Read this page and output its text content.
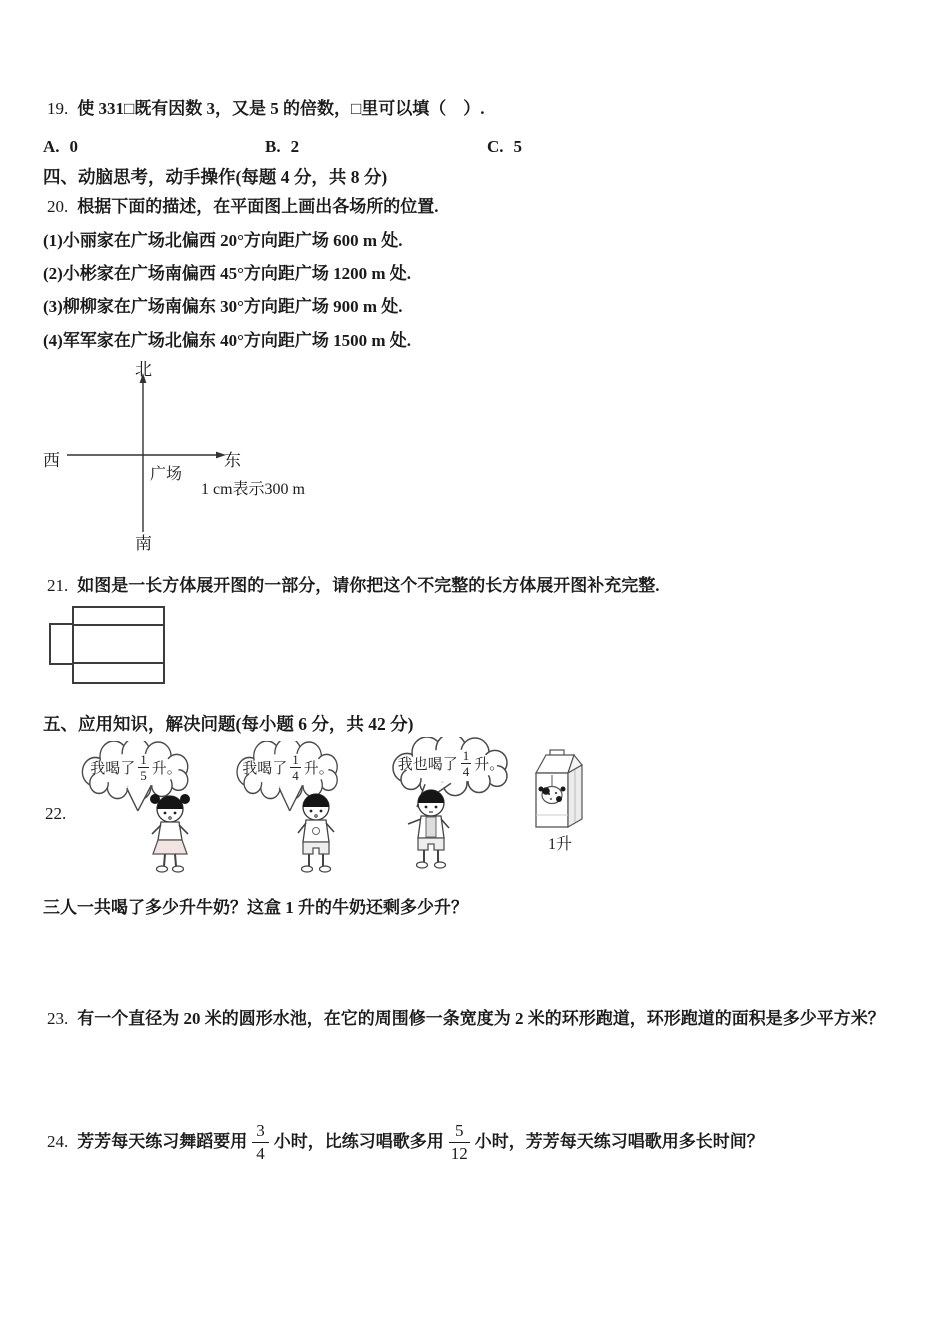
19. 使 331□既有因数 3，又是 5 的倍数，□里可以填（　）.
A. 0	B. 2	C. 5
四、动脑思考，动手操作(每题 4 分，共 8 分)
20. 根据下面的描述，在平面图上画出各场所的位置.
(1)小丽家在广场北偏西 20°方向距广场 600 m 处.
(2)小彬家在广场南偏西 45°方向距广场 1200 m 处.
(3)柳柳家在广场南偏东 30°方向距广场 900 m 处.
(4)军军家在广场北偏东 40°方向距广场 1500 m 处.
北
西	东
南
广场
1 cm表示300 m
21. 如图是一长方体展开图的一部分，请你把这个不完整的长方体展开图补充完整.
五、应用知识，解决问题(每小题 6 分，共 42 分)
22.
我喝了
1
5 升。	我喝了
1
4 升。	我也喝了
1
4 升。
1升
三人一共喝了多少升牛奶？这盒 1 升的牛奶还剩多少升？
23. 有一个直径为 20 米的圆形水池，在它的周围修一条宽度为 2 米的环形跑道，环形跑道的面积是多少平方米？
24. 芳芳每天练习舞蹈要用 $\frac{3}{4}$ 小时，比练习唱歌多用 $\frac{5}{12}$ 小时，芳芳每天练习唱歌用多长时间？
